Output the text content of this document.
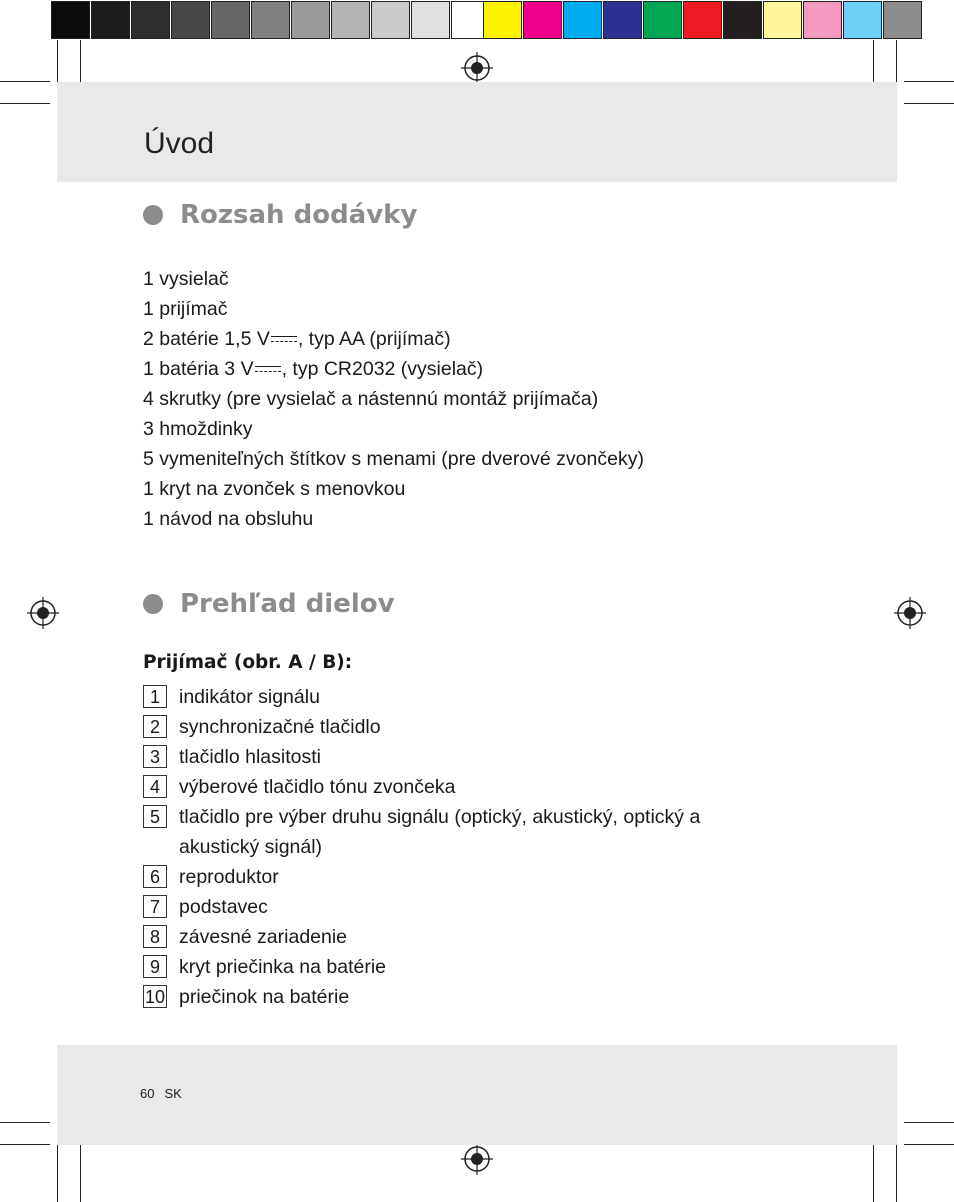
Úvod
Rozsah dodávky
1 vysielač
1 prijímač
2 batérie 1,5 V , typ AA (prijímač)
1 batéria 3 V , typ CR2032 (vysielač)
4 skrutky (pre vysielač a nástennú montáž prijímača)
3 hmoždinky
5 vymeniteľných štítkov s menami (pre dverové zvončeky)
1 kryt na zvonček s menovkou
1 návod na obsluhu
Prehľad dielov
Prijímač (obr. A / B):
1 indikátor signálu
2 synchronizačné tlačidlo
3 tlačidlo hlasitosti
4 výberové tlačidlo tónu zvončeka
5 tlačidlo pre výber druhu signálu (optický, akustický, optický a akustický signál)
6 reproduktor
7 podstavec
8 závesné zariadenie
9 kryt priečinka na batérie
10 priečinok na batérie
60 SK
